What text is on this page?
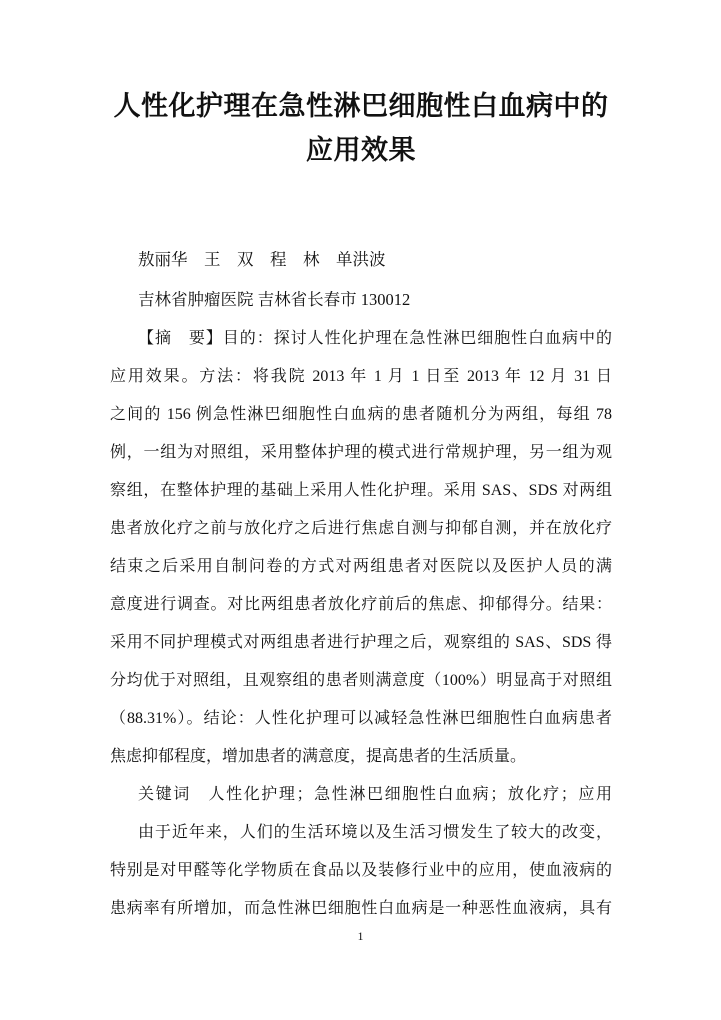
人性化护理在急性淋巴细胞性白血病中的
应用效果
敖丽华　王　双　程　林　单洪波
吉林省肿瘤医院 吉林省长春市 130012
【摘　要】目的：探讨人性化护理在急性淋巴细胞性白血病中的
应用效果。方法：将我院 2013 年 1 月 1 日至 2013 年 12 月 31 日
之间的 156 例急性淋巴细胞性白血病的患者随机分为两组，每组 78
例，一组为对照组，采用整体护理的模式进行常规护理，另一组为观
察组，在整体护理的基础上采用人性化护理。采用 SAS、SDS 对两组
患者放化疗之前与放化疗之后进行焦虑自测与抑郁自测，并在放化疗
结束之后采用自制问卷的方式对两组患者对医院以及医护人员的满
意度进行调查。对比两组患者放化疗前后的焦虑、抑郁得分。结果：
采用不同护理模式对两组患者进行护理之后，观察组的 SAS、SDS 得
分均优于对照组，且观察组的患者则满意度（100%）明显高于对照组
（88.31%）。结论：人性化护理可以减轻急性淋巴细胞性白血病患者
焦虑抑郁程度，增加患者的满意度，提高患者的生活质量。
关键词　人性化护理；急性淋巴细胞性白血病；放化疗；应用
由于近年来，人们的生活环境以及生活习惯发生了较大的改变，
特别是对甲醛等化学物质在食品以及装修行业中的应用，使血液病的
患病率有所增加，而急性淋巴细胞性白血病是一种恶性血液病，具有
1
